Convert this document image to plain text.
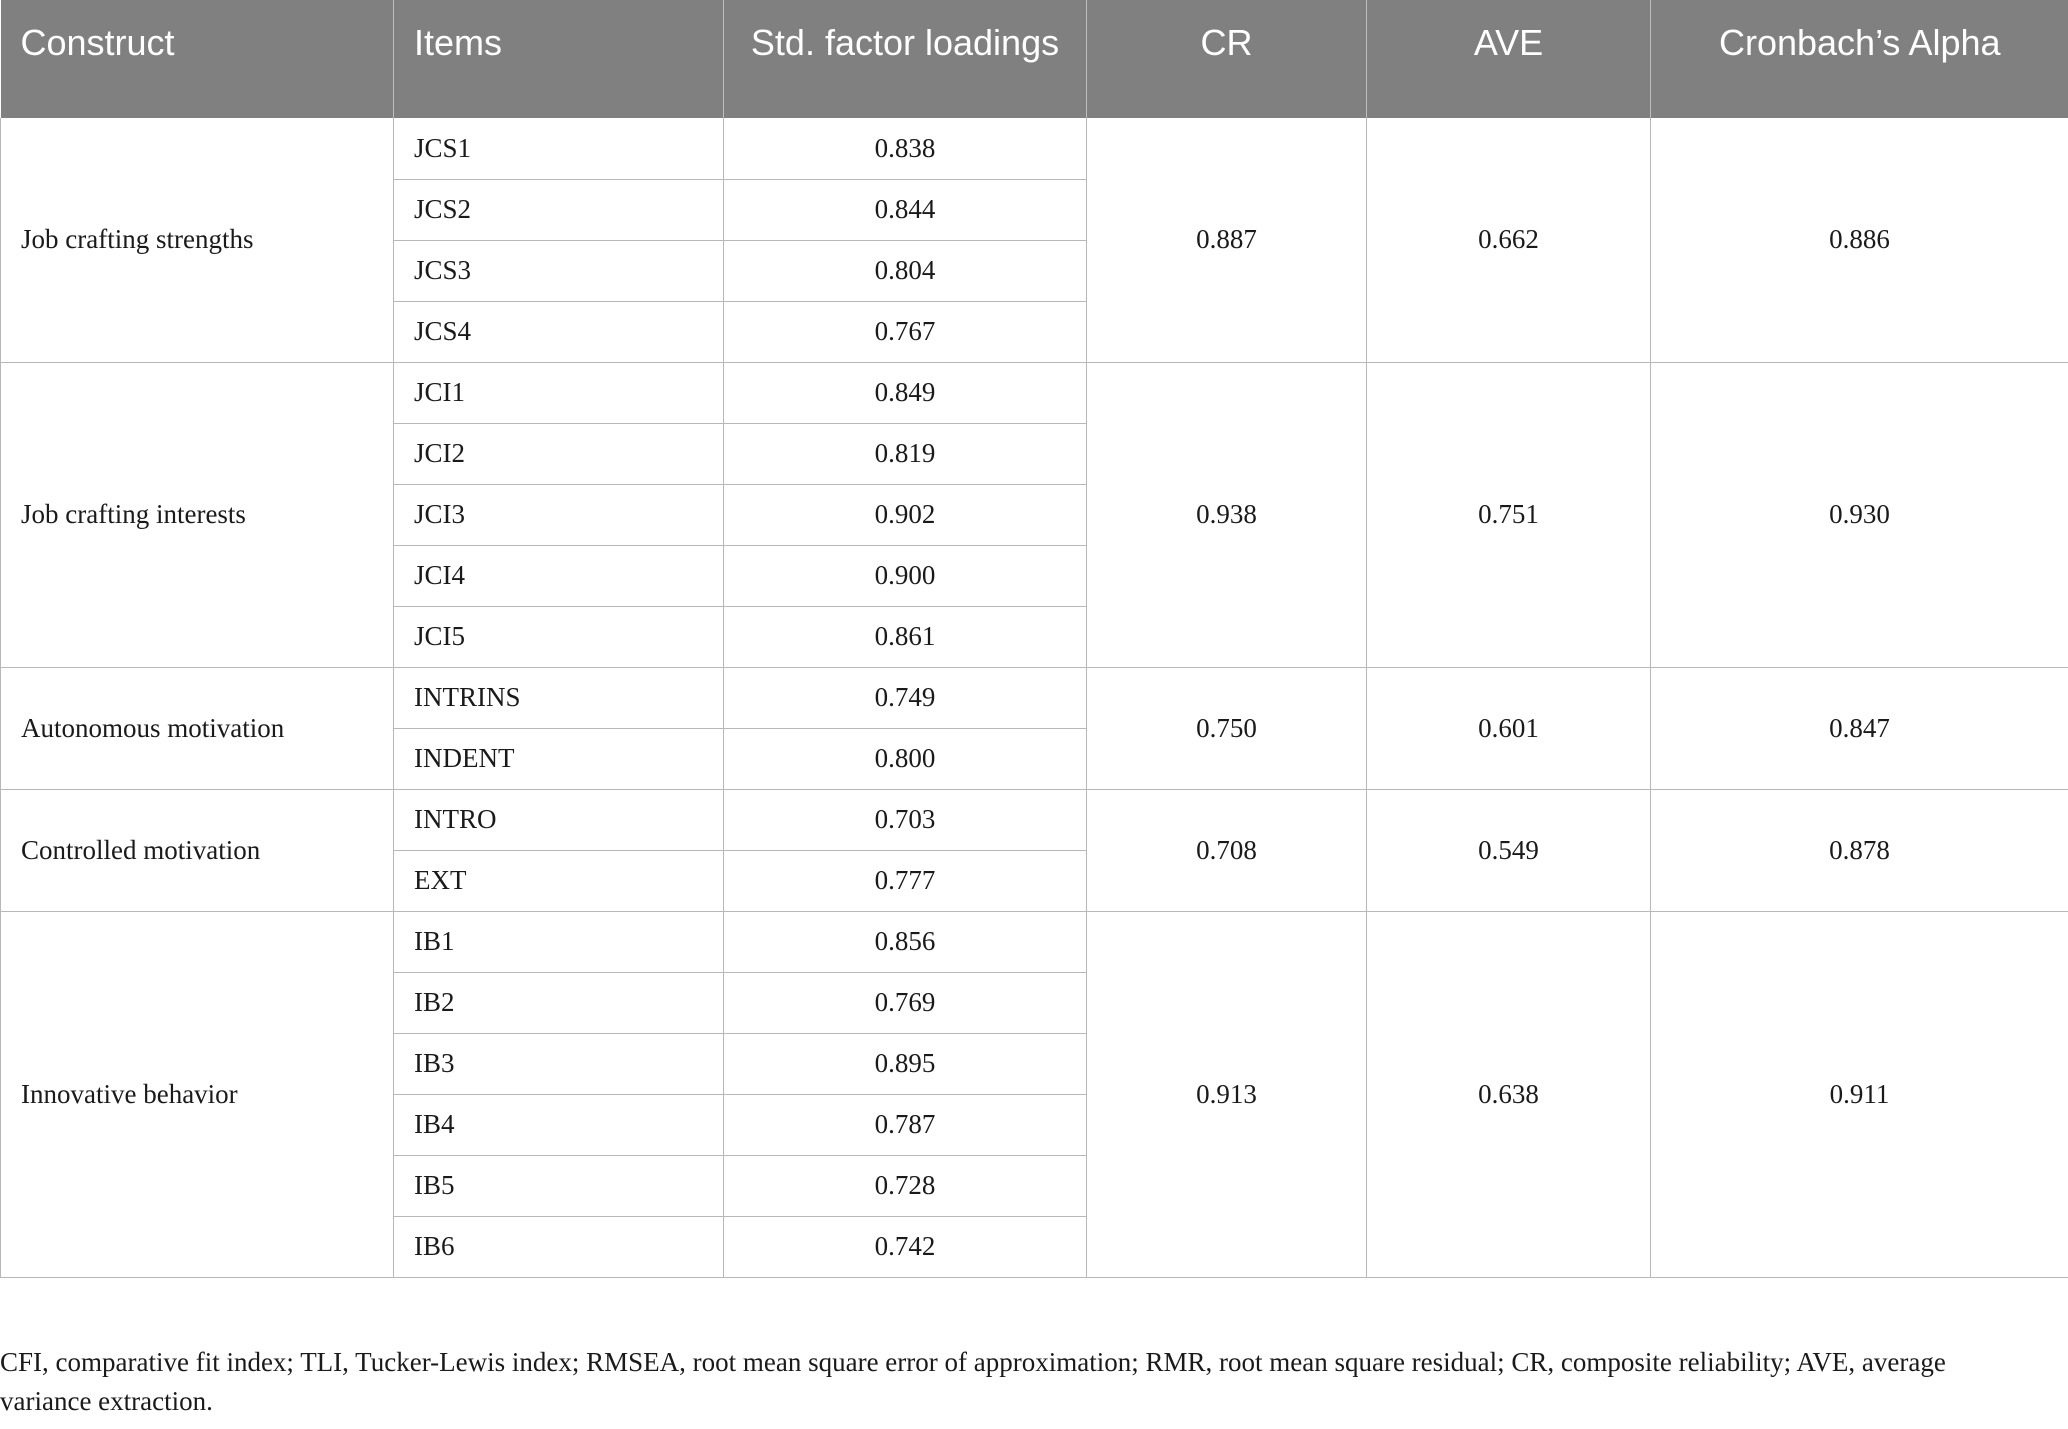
Construct	Items	Std. factor loadings	CR	AVE	Cronbach’s Alpha

Job crafting strengths	JCS1	0.838	0.887	0.662	0.886
	JCS2	0.844			
	JCS3	0.804			
	JCS4	0.767			
Job crafting interests	JCI1	0.849	0.938	0.751	0.930
	JCI2	0.819			
	JCI3	0.902			
	JCI4	0.900			
	JCI5	0.861			
Autonomous motivation	INTRINS	0.749	0.750	0.601	0.847
	INDENT	0.800			
Controlled motivation	INTRO	0.703	0.708	0.549	0.878
	EXT	0.777			
Innovative behavior	IB1	0.856	0.913	0.638	0.911
	IB2	0.769			
	IB3	0.895			
	IB4	0.787			
	IB5	0.728			
	IB6	0.742			
CFI, comparative fit index; TLI, Tucker-Lewis index; RMSEA, root mean square error of approximation; RMR, root mean square residual; CR, composite reliability; AVE, average variance extraction.
